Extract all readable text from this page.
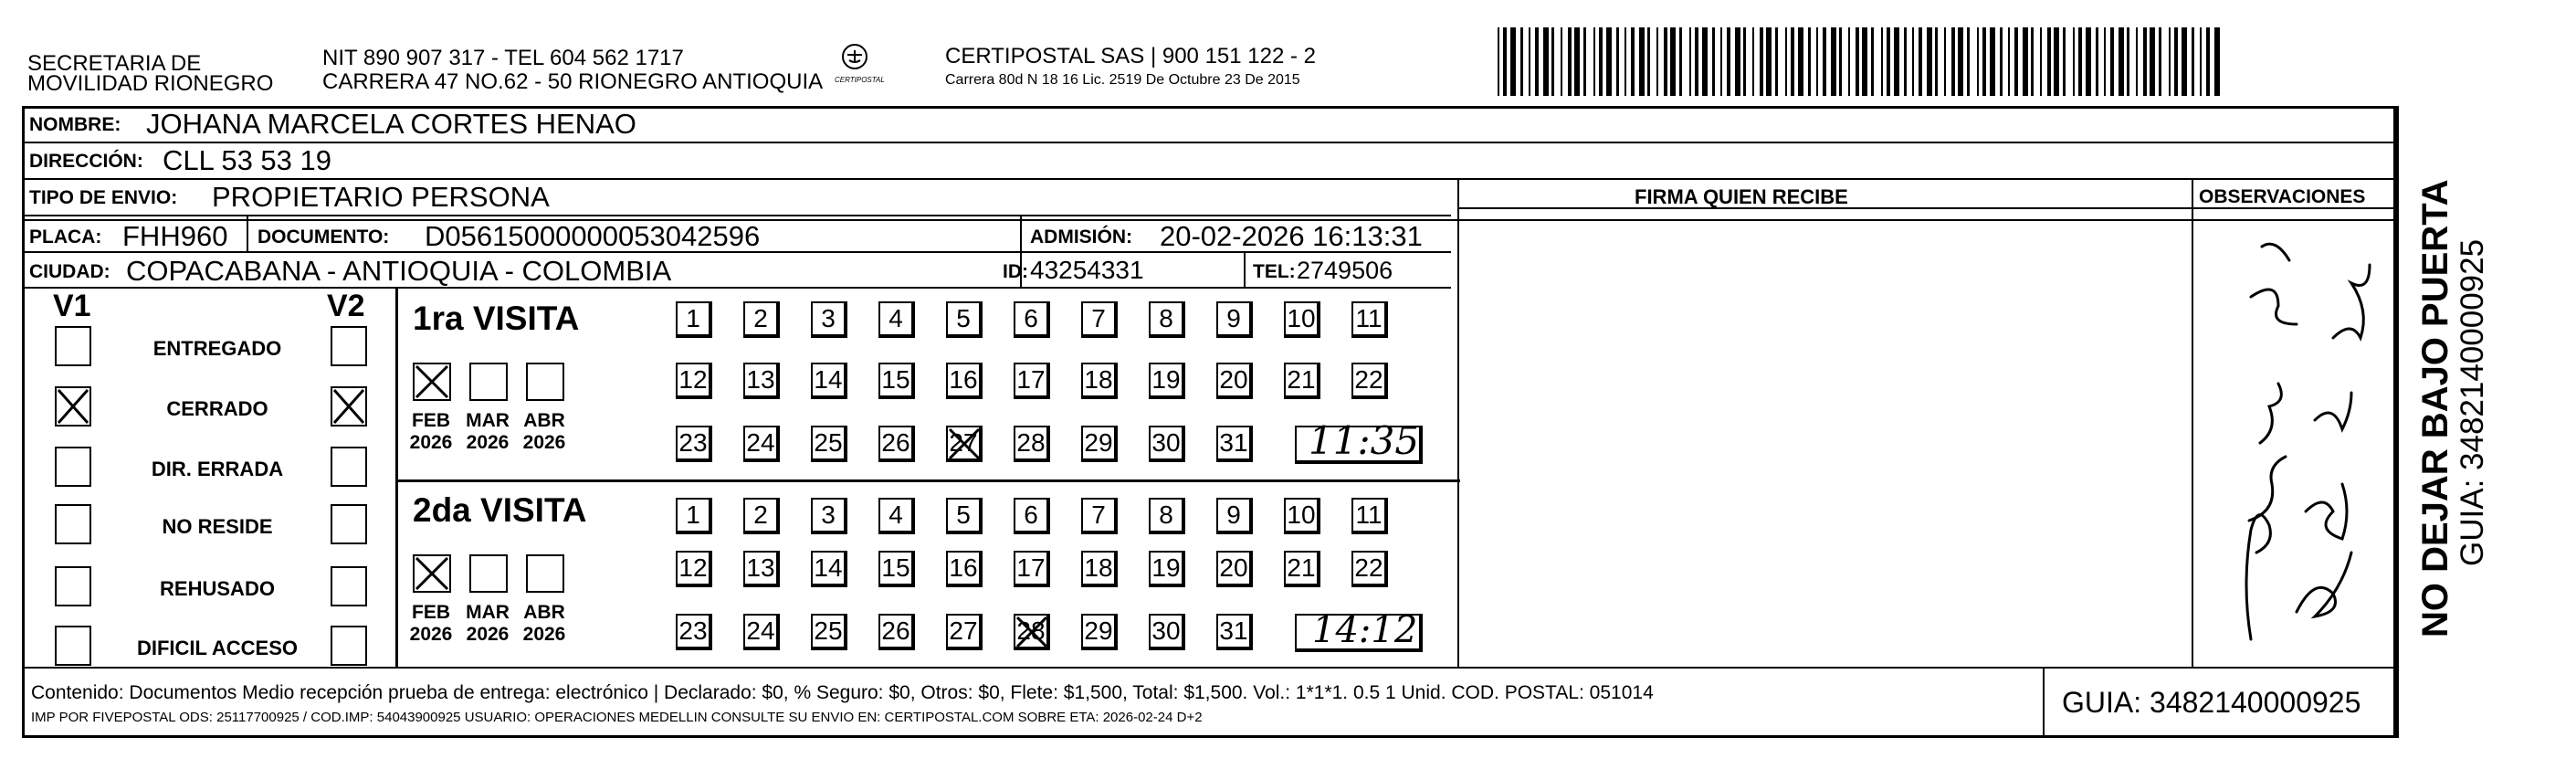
SECRETARIA DE
MOVILIDAD RIONEGRO
NIT 890 907 317 - TEL 604 562 1717
CARRERA 47 NO.62 - 50 RIONEGRO ANTIOQUIA CERTIPOSTAL
CERTIPOSTAL SAS | 900 151 122 - 2
Carrera 80d N 18 16 Lic. 2519 De Octubre 23 De 2015
NOMBRE: JOHANA MARCELA CORTES HENAO
DIRECCIÓN: CLL 53 53 19
TIPO DE ENVIO: PROPIETARIO PERSONA	FIRMA QUIEN RECIBE	OBSERVACIONES
PLACA: FHH960 DOCUMENTO: D05615000000053042596	ADMISIÓN: 20-02-2026 16:13:31
CIUDAD: COPACABANA - ANTIOQUIA - COLOMBIA	ID: 43254331	TEL: 2749506
V1	V2
ENTREGADO
CERRADO
DIR. ERRADA
NO RESIDE
REHUSADO
DIFICIL ACCESO
1ra VISITA
FEB
2026
MAR
2026
ABR
2026
1	2	3	4	5	6	7	8	9	10 11
12 13 14 15 16 17 18 19 20 21 22
23 24 25 26 27 28 29 30 31
2da VISITA
FEB
2026
MAR
2026
ABR
2026
1	2	3	4	5	6	7	8	9	10 11
12 13 14 15 16 17 18 19 20 21 22
23 24 25 26 27 28 29 30 31
11:35
14:12	NO DEJAR BAJO PUERTA GUIA: 3482140000925
Contenido: Documentos Medio recepción prueba de entrega: electrónico | Declarado: $0, % Seguro: $0, Otros: $0, Flete: $1,500, Total: $1,500. Vol.: 1*1*1. 0.5 1 Unid. COD. POSTAL: 051014
IMP POR FIVEPOSTAL ODS: 25117700925 / COD.IMP: 54043900925 USUARIO: OPERACIONES MEDELLIN CONSULTE SU ENVIO EN: CERTIPOSTAL.COM SOBRE ETA: 2026-02-24 D+2	GUIA: 3482140000925
